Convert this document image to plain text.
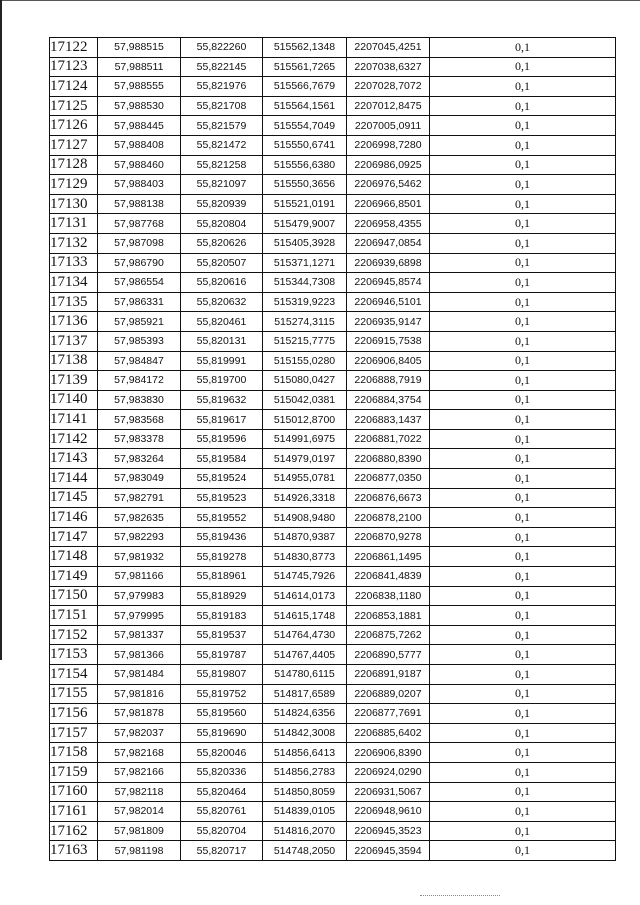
17122	57,988515	55,822260	515562,1348	2207045,4251	0,1
17123	57,988511	55,822145	515561,7265	2207038,6327	0,1
17124	57,988555	55,821976	515566,7679	2207028,7072	0,1
17125	57,988530	55,821708	515564,1561	2207012,8475	0,1
17126	57,988445	55,821579	515554,7049	2207005,0911	0,1
17127	57,988408	55,821472	515550,6741	2206998,7280	0,1
17128	57,988460	55,821258	515556,6380	2206986,0925	0,1
17129	57,988403	55,821097	515550,3656	2206976,5462	0,1
17130	57,988138	55,820939	515521,0191	2206966,8501	0,1
17131	57,987768	55,820804	515479,9007	2206958,4355	0,1
17132	57,987098	55,820626	515405,3928	2206947,0854	0,1
17133	57,986790	55,820507	515371,1271	2206939,6898	0,1
17134	57,986554	55,820616	515344,7308	2206945,8574	0,1
17135	57,986331	55,820632	515319,9223	2206946,5101	0,1
17136	57,985921	55,820461	515274,3115	2206935,9147	0,1
17137	57,985393	55,820131	515215,7775	2206915,7538	0,1
17138	57,984847	55,819991	515155,0280	2206906,8405	0,1
17139	57,984172	55,819700	515080,0427	2206888,7919	0,1
17140	57,983830	55,819632	515042,0381	2206884,3754	0,1
17141	57,983568	55,819617	515012,8700	2206883,1437	0,1
17142	57,983378	55,819596	514991,6975	2206881,7022	0,1
17143	57,983264	55,819584	514979,0197	2206880,8390	0,1
17144	57,983049	55,819524	514955,0781	2206877,0350	0,1
17145	57,982791	55,819523	514926,3318	2206876,6673	0,1
17146	57,982635	55,819552	514908,9480	2206878,2100	0,1
17147	57,982293	55,819436	514870,9387	2206870,9278	0,1
17148	57,981932	55,819278	514830,8773	2206861,1495	0,1
17149	57,981166	55,818961	514745,7926	2206841,4839	0,1
17150	57,979983	55,818929	514614,0173	2206838,1180	0,1
17151	57,979995	55,819183	514615,1748	2206853,1881	0,1
17152	57,981337	55,819537	514764,4730	2206875,7262	0,1
17153	57,981366	55,819787	514767,4405	2206890,5777	0,1
17154	57,981484	55,819807	514780,6115	2206891,9187	0,1
17155	57,981816	55,819752	514817,6589	2206889,0207	0,1
17156	57,981878	55,819560	514824,6356	2206877,7691	0,1
17157	57,982037	55,819690	514842,3008	2206885,6402	0,1
17158	57,982168	55,820046	514856,6413	2206906,8390	0,1
17159	57,982166	55,820336	514856,2783	2206924,0290	0,1
17160	57,982118	55,820464	514850,8059	2206931,5067	0,1
17161	57,982014	55,820761	514839,0105	2206948,9610	0,1
17162	57,981809	55,820704	514816,2070	2206945,3523	0,1
17163	57,981198	55,820717	514748,2050	2206945,3594	0,1
